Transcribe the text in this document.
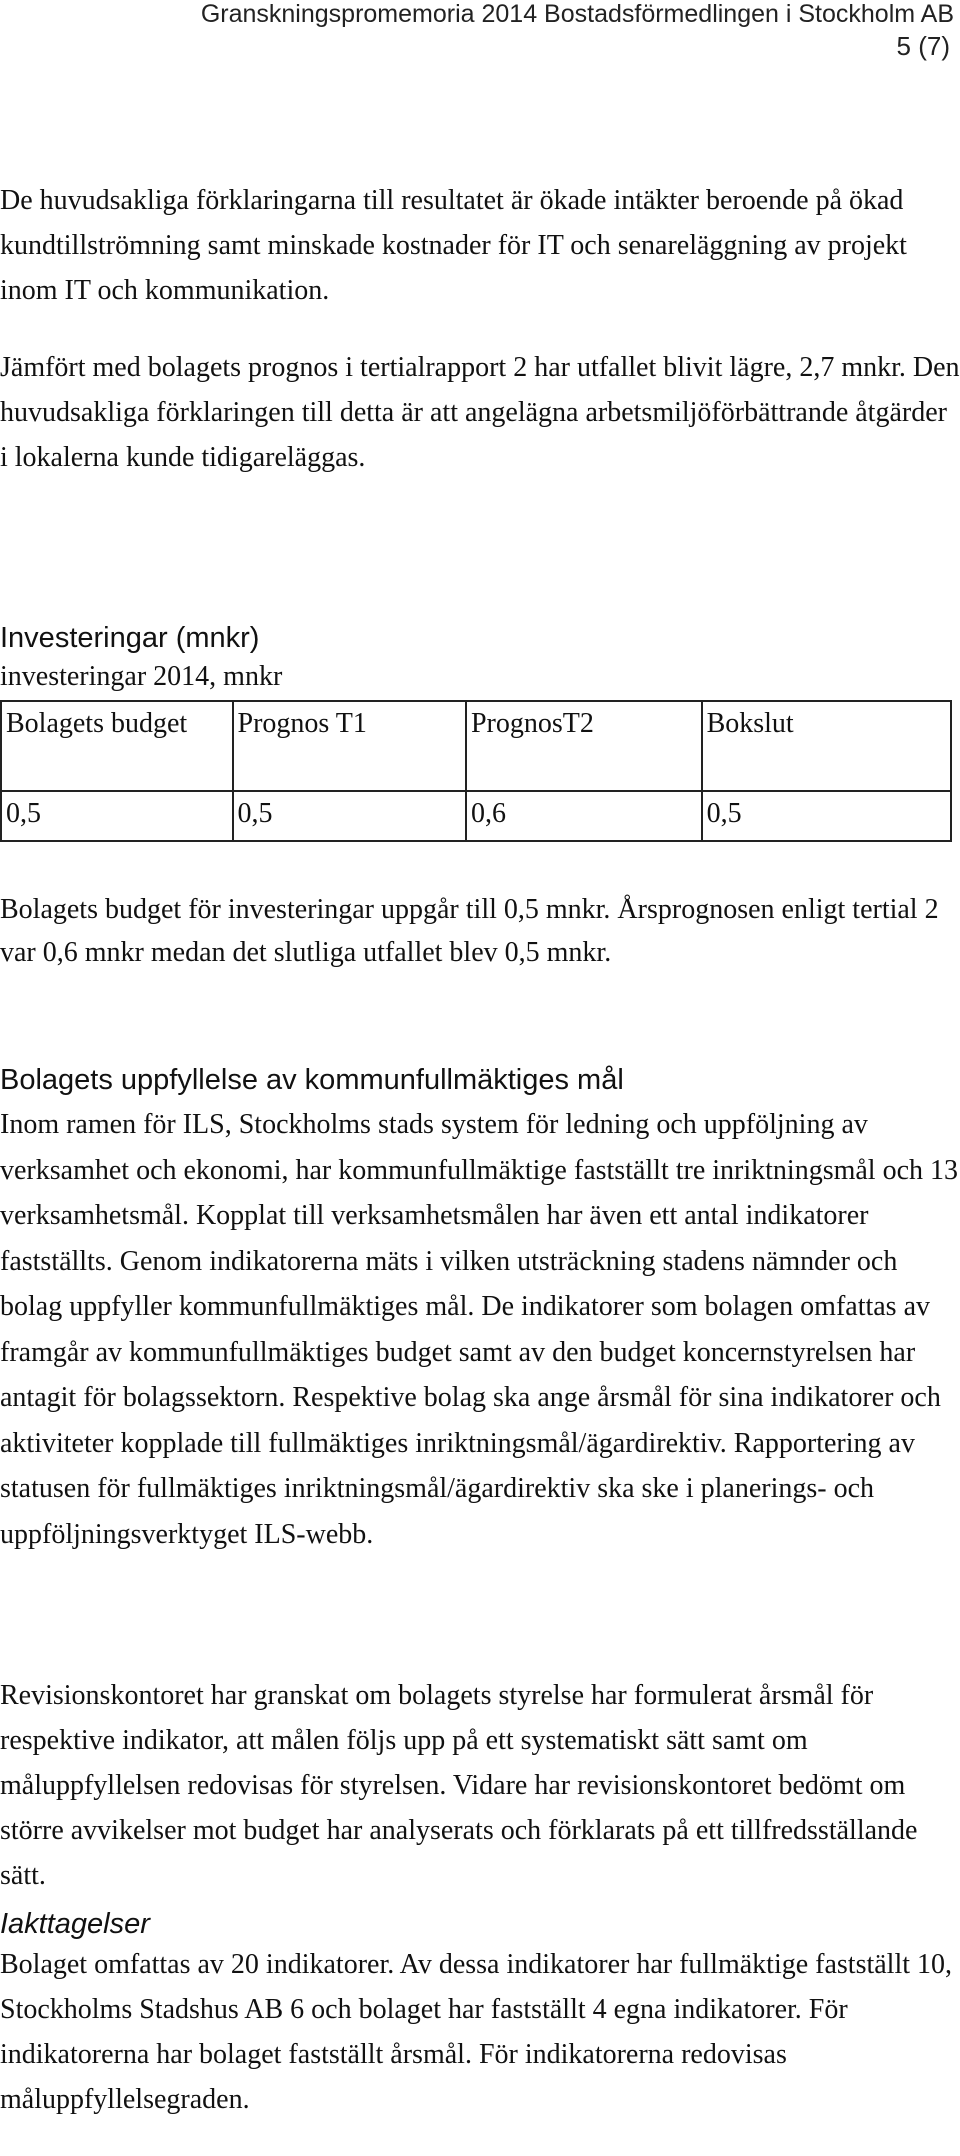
Granskningspromemoria 2014 Bostadsförmedlingen i Stockholm AB
5 (7)

De huvudsakliga förklaringarna till resultatet är ökade intäkter beroende på ökad kundtillströmning samt minskade kostnader för IT och senareläggning av projekt inom IT och kommunikation.

Jämfört med bolagets prognos i tertialrapport 2 har utfallet blivit lägre, 2,7 mnkr. Den huvudsakliga förklaringen till detta är att angelägna arbetsmiljöförbättrande åtgärder i lokalerna kunde tidigareläggas.

Investeringar (mnkr)
investeringar 2014, mnkr
Bolagets budget	Prognos T1	PrognosT2	Bokslut
0,5	0,5	0,6	0,5

Bolagets budget för investeringar uppgår till 0,5 mnkr. Årsprognosen enligt tertial 2 var 0,6 mnkr medan det slutliga utfallet blev 0,5 mnkr.

Bolagets uppfyllelse av kommunfullmäktiges mål

Inom ramen för ILS, Stockholms stads system för ledning och uppföljning av verksamhet och ekonomi, har kommunfullmäktige fastställt tre inriktningsmål och 13 verksamhetsmål. Kopplat till verksamhetsmålen har även ett antal indikatorer fastställts. Genom indikatorerna mäts i vilken utsträckning stadens nämnder och bolag uppfyller kommunfullmäktiges mål. De indikatorer som bolagen omfattas av framgår av kommunfullmäktiges budget samt av den budget koncernstyrelsen har antagit för bolagssektorn. Respektive bolag ska ange årsmål för sina indikatorer och aktiviteter kopplade till fullmäktiges inriktningsmål/ägardirektiv. Rapportering av statusen för fullmäktiges inriktningsmål/ägardirektiv ska ske i planerings- och uppföljningsverktyget ILS-webb.

Revisionskontoret har granskat om bolagets styrelse har formulerat årsmål för respektive indikator, att målen följs upp på ett systematiskt sätt samt om måluppfyllelsen redovisas för styrelsen. Vidare har revisionskontoret bedömt om större avvikelser mot budget har analyserats och förklarats på ett tillfredsställande sätt.

Iakttagelser

Bolaget omfattas av 20 indikatorer. Av dessa indikatorer har fullmäktige fastställt 10, Stockholms Stadshus AB 6 och bolaget har fastställt 4 egna indikatorer. För indikatorerna har bolaget fastställt årsmål. För indikatorerna redovisas måluppfyllelsegraden.
